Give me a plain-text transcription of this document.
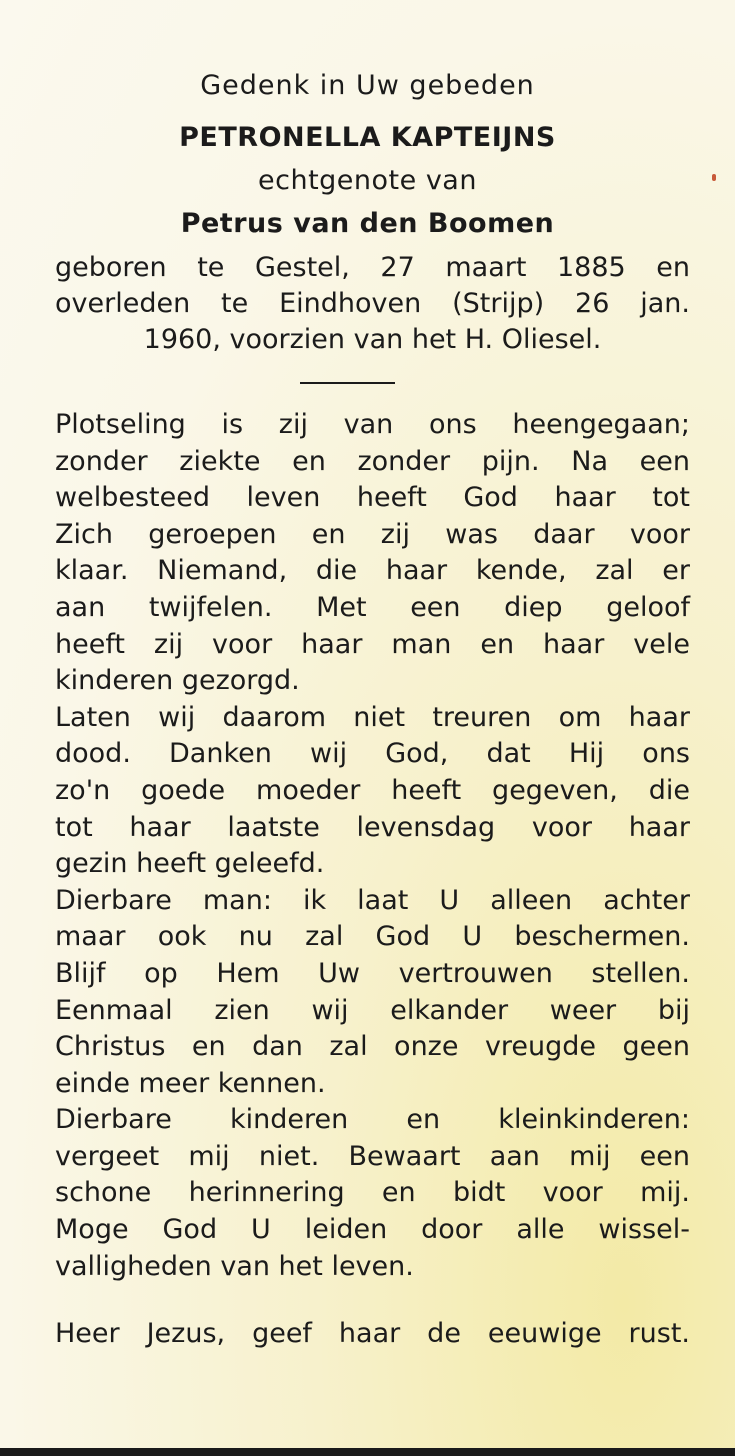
Gedenk in Uw gebeden
PETRONELLA KAPTEIJNS
echtgenote van
Petrus van den Boomen
geboren te Gestel, 27 maart 1885 en
overleden te Eindhoven (Strijp) 26 jan.
1960, voorzien van het H. Oliesel.
Plotseling is zij van ons heengegaan;
zonder ziekte en zonder pijn. Na een
welbesteed leven heeft God haar tot
Zich geroepen en zij was daar voor
klaar. Niemand, die haar kende, zal er
aan twijfelen. Met een diep geloof
heeft zij voor haar man en haar vele
kinderen gezorgd.
Laten wij daarom niet treuren om haar
dood. Danken wij God, dat Hij ons
zo'n goede moeder heeft gegeven, die
tot haar laatste levensdag voor haar
gezin heeft geleefd.
Dierbare man: ik laat U alleen achter
maar ook nu zal God U beschermen.
Blijf op Hem Uw vertrouwen stellen.
Eenmaal zien wij elkander weer bij
Christus en dan zal onze vreugde geen
einde meer kennen.
Dierbare kinderen en kleinkinderen:
vergeet mij niet. Bewaart aan mij een
schone herinnering en bidt voor mij.
Moge God U leiden door alle wissel-
valligheden van het leven.
Heer Jezus, geef haar de eeuwige rust.
